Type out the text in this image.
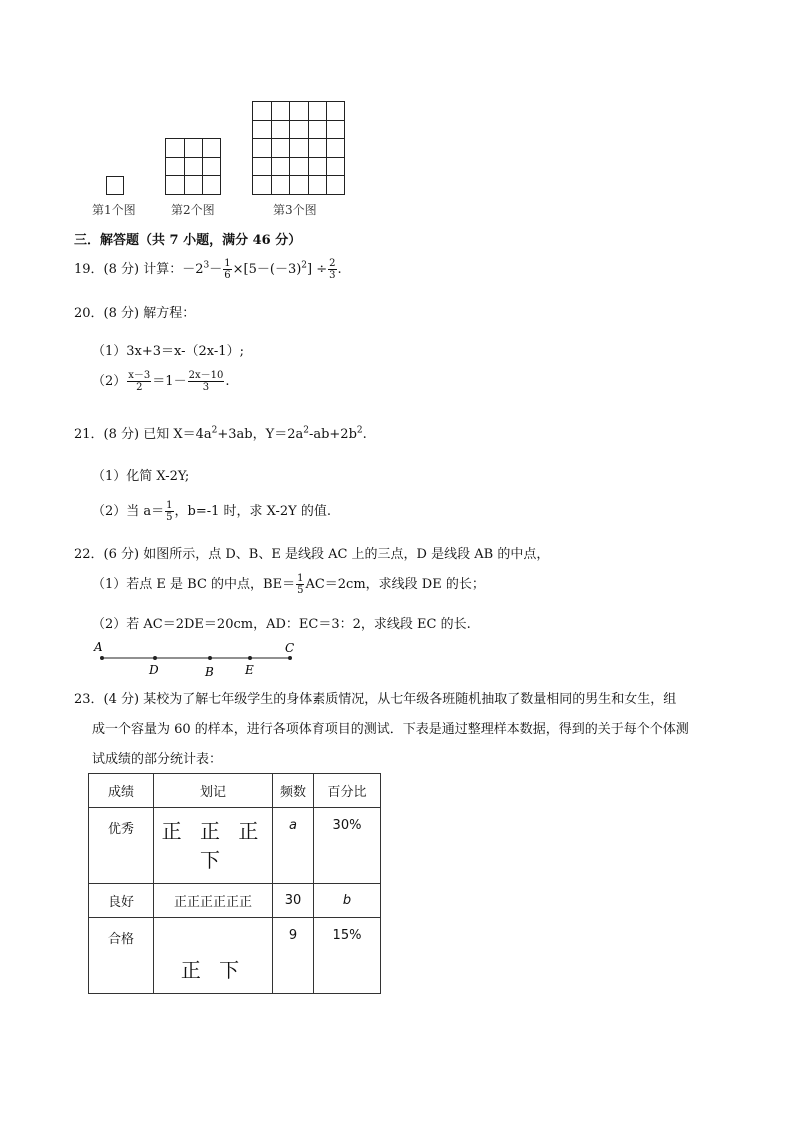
第1个图	第2个图	第3个图
三．解答题（共 7 小题，满分 46 分）
19．(8 分) 计算：$-2^3- \frac{1}{6} \times[5-(-3)^2] \div \frac{2}{3}$ .
20．(8 分) 解方程：
（1）3x+3＝x-（2x-1）;
$(2) \frac{x-3}{2} =1- \frac{2x-10}{3}$ .
21．(8 分) 已知 $X=4a^2+3ab$，$Y=2a^2-ab+2b^2$.
（1）化简 X-2Y;
（2）当 $a= \frac{1}{5}$ ，b=-1 时，求 X-2Y 的值.
22．(6 分) 如图所示，点 D、B、E 是线段 AC 上的三点，D 是线段 AB 的中点，
（1）若点 E 是 BC 的中点，$BE= \frac{1}{5} AC=2cm$，求线段 DE 的长；
（2）若 AC＝2DE＝20cm，AD：EC＝3：2，求线段 EC 的长.
A
D	B	E
C
23．(4 分) 某校为了解七年级学生的身体素质情况，从七年级各班随机抽取了数量相同的男生和女生，组
成一个容量为 60 的样本，进行各项体育项目的测试．下表是通过整理样本数据，得到的关于每个个体测
试成绩的部分统计表：
成绩	划记	频数	百分比
优秀	正 正 正 下	a	30%
良好	正正正正正正	30	b
合格	正 下	9	15%
